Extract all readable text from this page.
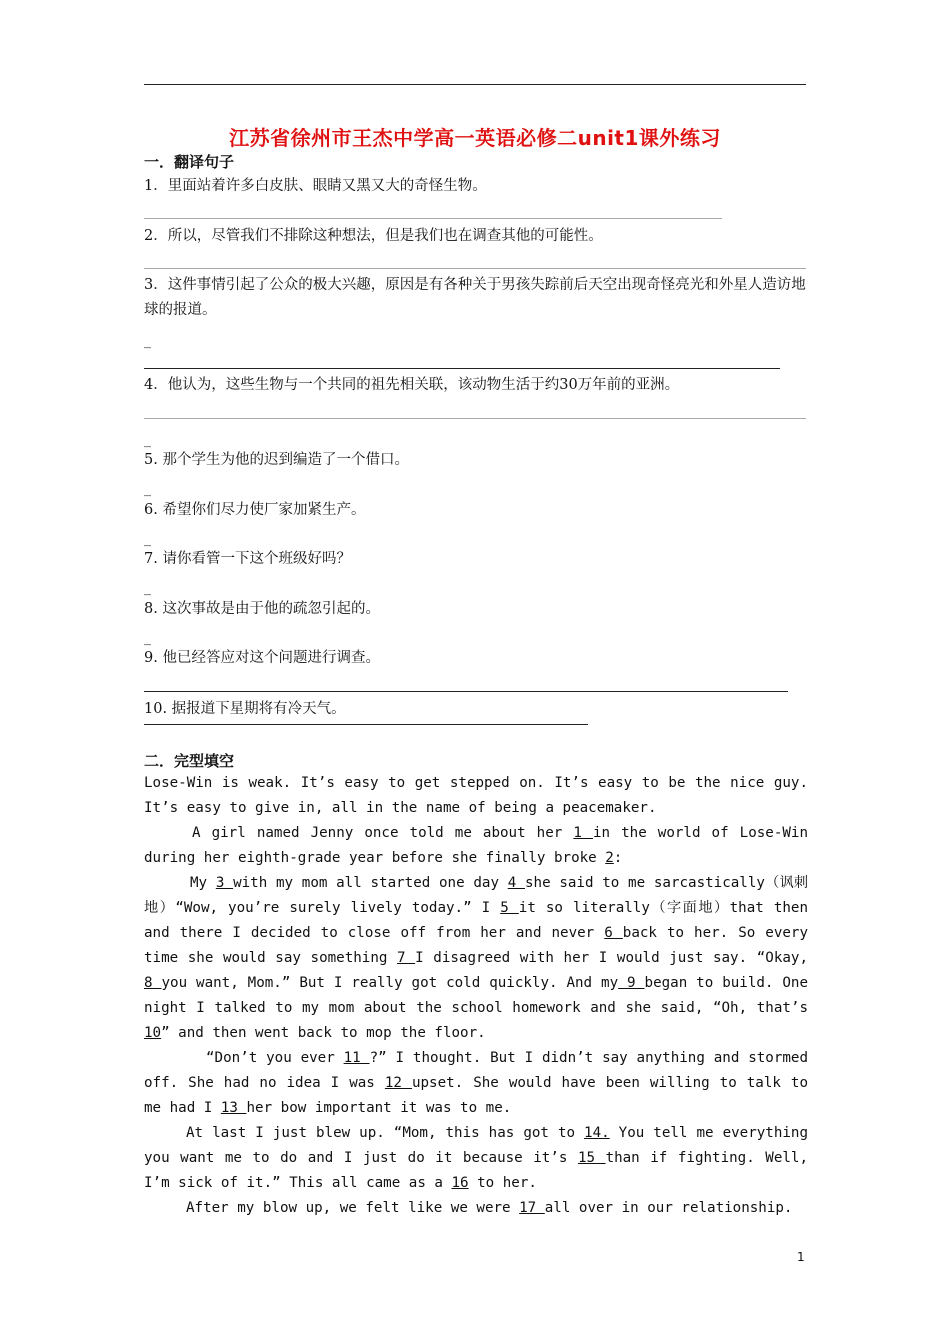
江苏省徐州市王杰中学高一英语必修二unit1课外练习
一．翻译句子
1．里面站着许多白皮肤、眼睛又黑又大的奇怪生物。
2．所以，尽管我们不排除这种想法，但是我们也在调查其他的可能性。
3．这件事情引起了公众的极大兴趣，原因是有各种关于男孩失踪前后天空出现奇怪亮光和外星人造访地球的报道。
_
4．他认为，这些生物与一个共同的祖先相关联，该动物生活于约30万年前的亚洲。
_
5. 那个学生为他的迟到编造了一个借口。
_
6. 希望你们尽力使厂家加紧生产。
_
7. 请你看管一下这个班级好吗？
_
8. 这次事故是由于他的疏忽引起的。
_
9. 他已经答应对这个问题进行调查。
10. 据报道下星期将有冷天气。
二．完型填空
Lose-Win is weak. It’s easy to get stepped on. It’s easy to be the nice guy. It’s easy to give in, all in the name of being a peacemaker.
A girl named Jenny once told me about her 1 in the world of Lose-Win during her eighth-grade year before she finally broke 2:
My 3 with my mom all started one day 4 she said to me sarcastically（讽刺地）“Wow, you’re surely lively today.” I 5 it so literally（字面地）that then and there I decided to close off from her and never 6 back to her. So every time she would say something 7 I disagreed with her I would just say. “Okay, 8 you want, Mom.” But I really got cold quickly. And my 9 began to build. One night I talked to my mom about the school homework and she said, “Oh, that’s 10” and then went back to mop the floor.
“Don’t you ever 11 ?” I thought. But I didn’t say anything and stormed off. She had no idea I was 12 upset. She would have been willing to talk to me had I 13 her bow important it was to me.
At last I just blew up. “Mom, this has got to 14. You tell me everything you want me to do and I just do it because it’s 15 than if fighting. Well, I’m sick of it.” This all came as a 16 to her.
After my blow up, we felt like we were 17 all over in our relationship.
1
